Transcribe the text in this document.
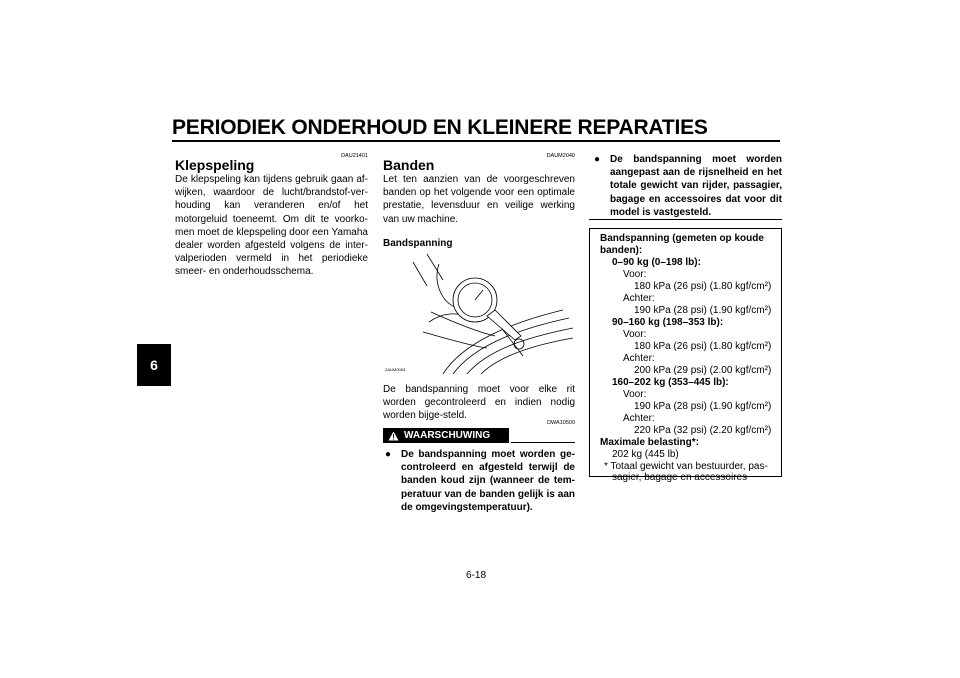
PERIODIEK ONDERHOUD EN KLEINERE REPARATIES
6
DAU21401
Klepspeling
De klepspeling kan tijdens gebruik gaan af-wijken, waardoor de lucht/brandstof-ver-houding kan veranderen en/of het motorgeluid toeneemt. Om dit te voorko-men moet de klepspeling door een Yamaha dealer worden afgesteld volgens de inter-valperioden vermeld in het periodieke smeer- en onderhoudsschema.
DAUM2040
Banden
Let ten aanzien van de voorgeschreven banden op het volgende voor een optimale prestatie, levensduur en veilige werking van uw machine.
Bandspanning
ZAUM0063
De bandspanning moet voor elke rit worden gecontroleerd en indien nodig worden bijge-steld.
DWA10500
WAARSCHUWING
● De bandspanning moet worden ge-controleerd en afgesteld terwijl de banden koud zijn (wanneer de tem-peratuur van de banden gelijk is aan de omgevingstemperatuur).
● De bandspanning moet worden aangepast aan de rijsnelheid en het totale gewicht van rijder, passagier, bagage en accessoires dat voor dit model is vastgesteld.
Bandspanning (gemeten op koude banden):
0–90 kg (0–198 lb):
Voor:
180 kPa (26 psi) (1.80 kgf/cm²)
Achter:
190 kPa (28 psi) (1.90 kgf/cm²)
90–160 kg (198–353 lb):
Voor:
180 kPa (26 psi) (1.80 kgf/cm²)
Achter:
200 kPa (29 psi) (2.00 kgf/cm²)
160–202 kg (353–445 lb):
Voor:
190 kPa (28 psi) (1.90 kgf/cm²)
Achter:
220 kPa (32 psi) (2.20 kgf/cm²)
Maximale belasting*:
202 kg (445 lb)
* Totaal gewicht van bestuurder, pas-
sagier, bagage en accessoires
6-18
